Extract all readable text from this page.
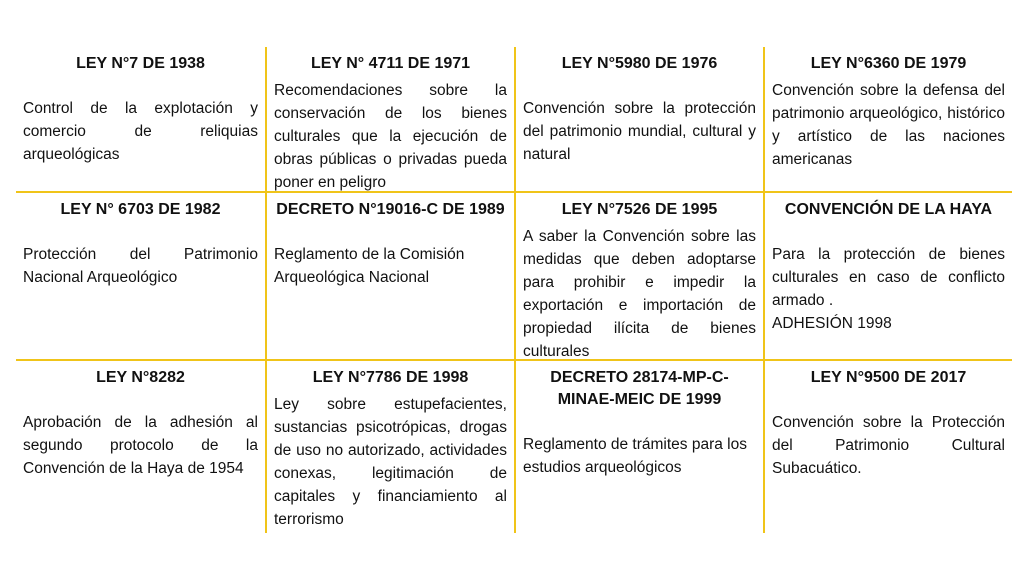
LEY N°7 DE 1938
Control de la explotación y comercio de reliquias arqueológicas
LEY N° 4711 DE 1971
Recomendaciones sobre la conservación de los bienes culturales que la ejecución de obras públicas o privadas pueda poner en peligro
LEY N°5980 DE 1976
Convención sobre la protección del patrimonio mundial, cultural y natural
LEY N°6360 DE 1979
Convención sobre la defensa del patrimonio arqueológico, histórico y artístico de las naciones americanas
LEY N° 6703 DE 1982
Protección del Patrimonio Nacional Arqueológico
DECRETO N°19016-C DE 1989
Reglamento de la Comisión Arqueológica Nacional
LEY N°7526 DE 1995
A saber la Convención sobre las medidas que deben adoptarse para prohibir e impedir la exportación e importación de propiedad ilícita de bienes culturales
CONVENCIÓN DE LA HAYA
Para la protección de bienes culturales en caso de conflicto armado .
ADHESIÓN 1998
LEY N°8282
Aprobación de la adhesión al segundo protocolo de la Convención de la Haya de 1954
LEY N°7786 DE 1998
Ley sobre estupefacientes, sustancias psicotrópicas, drogas de uso no autorizado, actividades conexas, legitimación de capitales y financiamiento al terrorismo
DECRETO 28174-MP-C-MINAE-MEIC DE 1999
Reglamento de trámites para los estudios arqueológicos
LEY N°9500 DE 2017
Convención sobre la Protección del Patrimonio Cultural Subacuático.
